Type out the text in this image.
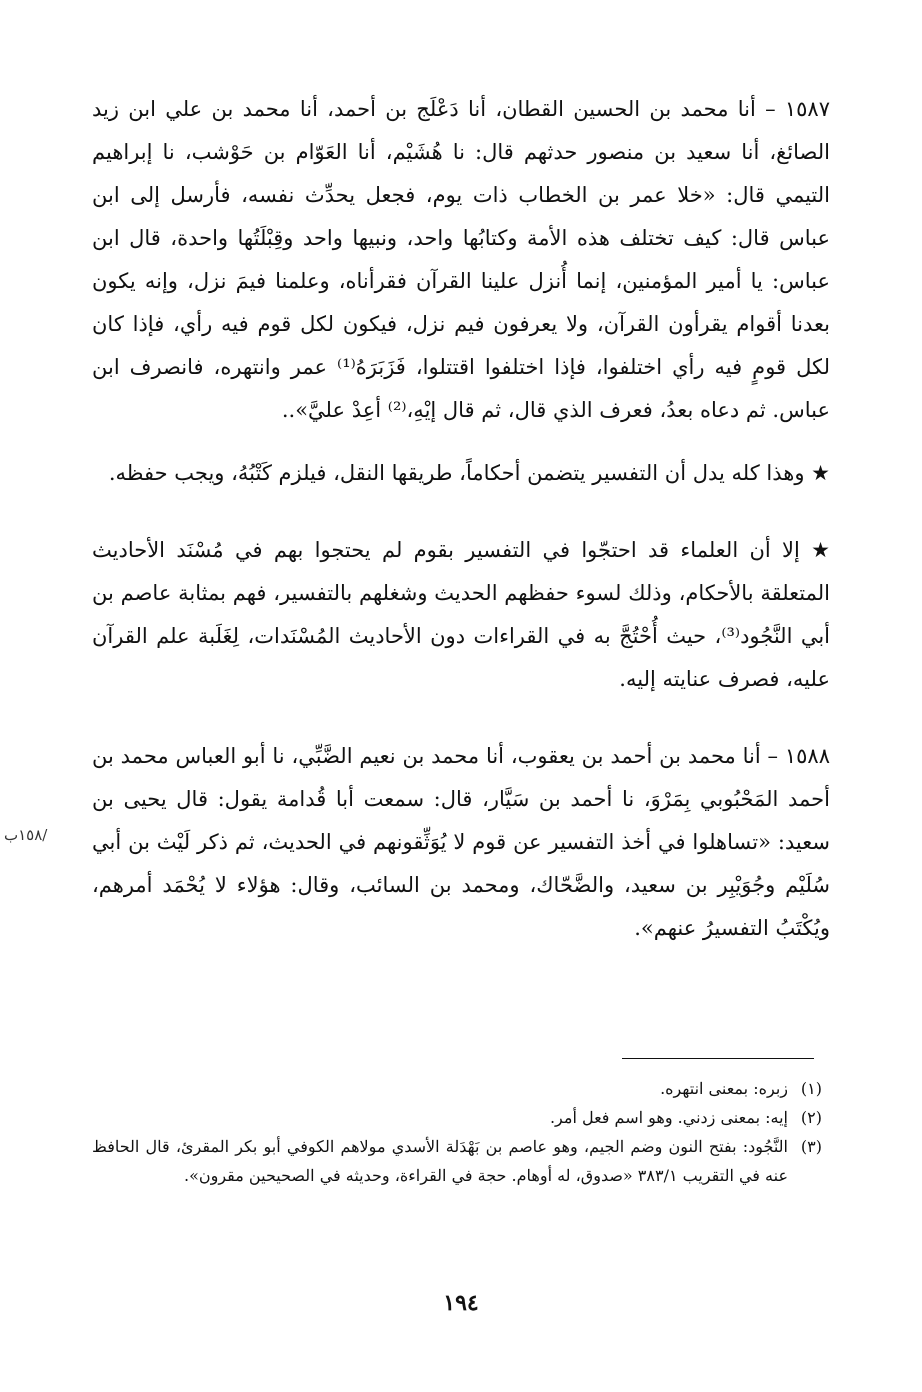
١٥٨٧ – أنا محمد بن الحسين القطان، أنا دَعْلَج بن أحمد، أنا محمد بن علي ابن زيد الصائغ، أنا سعيد بن منصور حدثهم قال: نا هُشَيْم، أنا العَوّام بن حَوْشب، نا إبراهيم التيمي قال: «خلا عمر بن الخطاب ذات يوم، فجعل يحدِّث نفسه، فأرسل إلى ابن عباس قال: كيف تختلف هذه الأمة وكتابُها واحد، ونبيها واحد وقِبْلَتُها واحدة، قال ابن عباس: يا أمير المؤمنين، إنما أُنزل علينا القرآن فقرأناه، وعلمنا فيمَ نزل، وإنه يكون بعدنا أقوام يقرأون القرآن، ولا يعرفون فيم نزل، فيكون لكل قوم فيه رأي، فإذا كان لكل قومٍ فيه رأي اختلفوا، فإذا اختلفوا اقتتلوا، فَزَبَرَهُ⁽¹⁾ عمر وانتهره، فانصرف ابن عباس. ثم دعاه بعدُ، فعرف الذي قال، ثم قال إيْهِ،⁽²⁾ أعِدْ عليَّ»..

★ وهذا كله يدل أن التفسير يتضمن أحكاماً، طريقها النقل، فيلزم كَتْبُهُ، ويجب حفظه.

★ إلا أن العلماء قد احتجّوا في التفسير بقوم لم يحتجوا بهم في مُسْنَد الأحاديث المتعلقة بالأحكام، وذلك لسوء حفظهم الحديث وشغلهم بالتفسير، فهم بمثابة عاصم بن أبي النَّجُود⁽³⁾، حيث أُحْتُجَّ به في القراءات دون الأحاديث المُسْنَدات، لِغَلَبة علم القرآن عليه، فصرف عنايته إليه.

١٥٨٨ – أنا محمد بن أحمد بن يعقوب، أنا محمد بن نعيم الضَّبِّي، نا أبو العباس محمد بن أحمد المَحْبُوبي بِمَرْوَ، نا أحمد بن سَيَّار، قال: سمعت أبا قُدامة يقول: قال يحيى بن سعيد: «تساهلوا في أخذ التفسير عن قوم لا يُوَثِّقونهم في الحديث، ثم ذكر لَيْث بن أبي سُلَيْم وجُوَيْبِر بن سعيد، والضَّحّاك، ومحمد بن السائب، وقال: هؤلاء لا يُحْمَد أمرهم، ويُكْتَبُ التفسيرُ عنهم».

(١)
زبره: بمعنى انتهره.
(٢)
إيه: بمعنى زدني. وهو اسم فعل أمر.
(٣)
النَّجُود: بفتح النون وضم الجيم، وهو عاصم بن بَهْدَلة الأسدي مولاهم الكوفي أبو بكر المقرئ، قال الحافظ عنه في التقريب ٣٨٣/١ «صدوق، له أوهام. حجة في القراءة، وحديثه في الصحيحين مقرون».
١٩٤
/١٥٨ب
